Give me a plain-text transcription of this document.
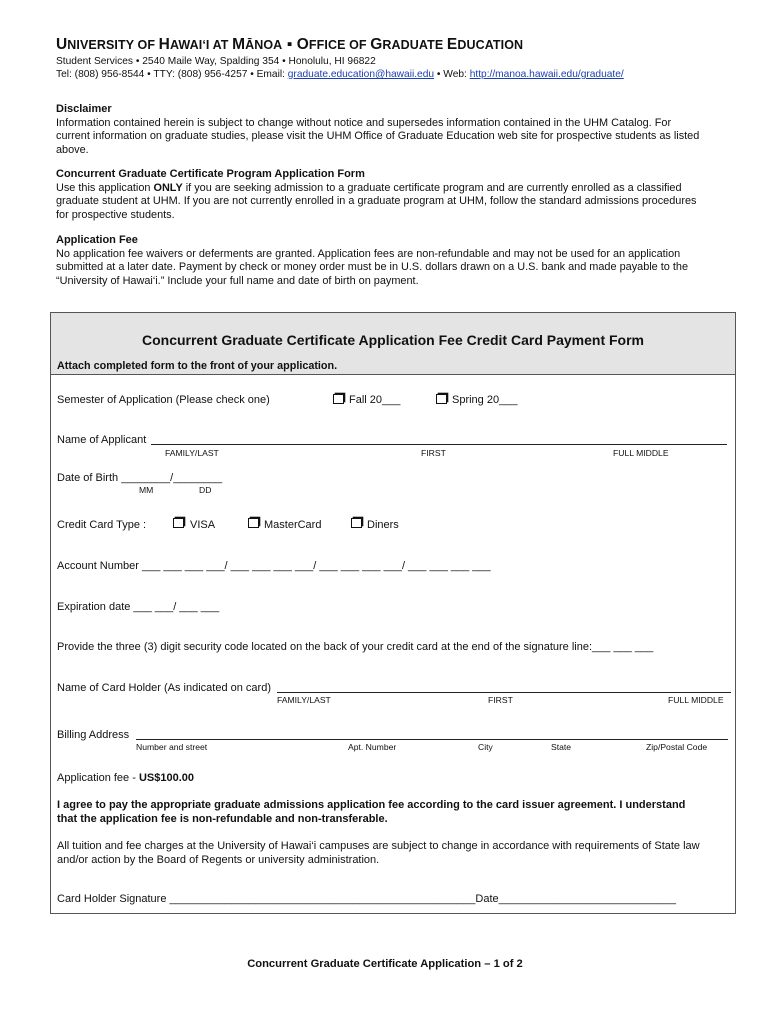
UNIVERSITY OF HAWAI‘I AT MĀNOA ▪ OFFICE OF GRADUATE EDUCATION
Student Services • 2540 Maile Way, Spalding 354 • Honolulu, HI 96822
Tel: (808) 956-8544 • TTY: (808) 956-4257 • Email: graduate.education@hawaii.edu • Web: http://manoa.hawaii.edu/graduate/
Disclaimer
Information contained herein is subject to change without notice and supersedes information contained in the UHM Catalog. For
current information on graduate studies, please visit the UHM Office of Graduate Education web site for prospective students as listed
above.
Concurrent Graduate Certificate Program Application Form
Use this application ONLY if you are seeking admission to a graduate certificate program and are currently enrolled as a classified
graduate student at UHM. If you are not currently enrolled in a graduate program at UHM, follow the standard admissions procedures
for prospective students.
Application Fee
No application fee waivers or deferments are granted. Application fees are non-refundable and may not be used for an application
submitted at a later date. Payment by check or money order must be in U.S. dollars drawn on a U.S. bank and made payable to the
“University of Hawai‘i.” Include your full name and date of birth on payment.
Concurrent Graduate Certificate Application Fee Credit Card Payment Form
Attach completed form to the front of your application.
Semester of Application (Please check one)	Fall 20___	Spring 20___
Name of Applicant
FAMILY/LAST	FIRST	FULL MIDDLE
Date of Birth ________/________
MM	DD
Credit Card Type :	VISA	MasterCard	Diners
Account Number ___ ___ ___ ___/ ___ ___ ___ ___/ ___ ___ ___ ___/ ___ ___ ___ ___
Expiration date ___ ___/ ___ ___
Provide the three (3) digit security code located on the back of your credit card at the end of the signature line:___ ___ ___
Name of Card Holder (As indicated on card)
FAMILY/LAST	FIRST	FULL MIDDLE
Billing Address
Number and street	Apt. Number	City	State	Zip/Postal Code
Application fee - US$100.00
I agree to pay the appropriate graduate admissions application fee according to the card issuer agreement. I understand
that the application fee is non-refundable and non-transferable.
All tuition and fee charges at the University of Hawai‘i campuses are subject to change in accordance with requirements of State law
and/or action by the Board of Regents or university administration.
Card Holder Signature __________________________________________________Date_____________________________
Concurrent Graduate Certificate Application – 1 of 2
